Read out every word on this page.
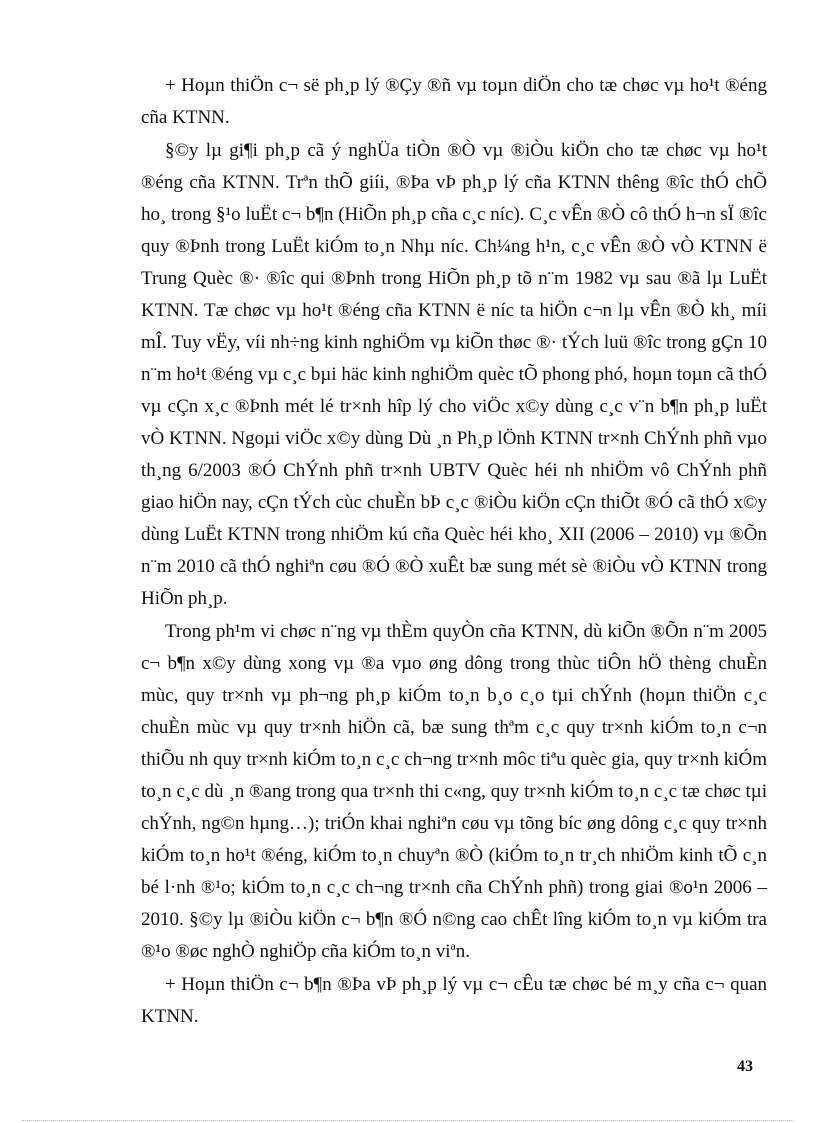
+ Hoµn thiÖn c¬ së ph¸p lý ®Çy ®ñ vµ toµn diÖn cho tæ chøc vµ ho¹t ®éng cña KTNN.

§©y lµ gi¶i ph¸p cã ý nghÜa tiÒn ®Ò vµ ®iÒu kiÖn cho tæ chøc vµ ho¹t ®éng cña KTNN. Trªn thÕ giíi, ®Þa vÞ ph¸p lý cña KTNN thêng ®îc thÓ chÕ ho¸ trong §¹o luËt c¬ b¶n (HiÕn ph¸p cña c¸c níc). C¸c vÊn ®Ò cô thÓ h¬n sÏ ®îc quy ®Þnh trong LuËt kiÓm to¸n Nhµ níc. Ch¼ng h¹n, c¸c vÊn ®Ò vÒ KTNN ë Trung Quèc ®· ®îc qui ®Þnh trong HiÕn ph¸p tõ n¨m 1982 vµ sau ®ã lµ LuËt KTNN. Tæ chøc vµ ho¹t ®éng cña KTNN ë níc ta hiÖn c¬n lµ vÊn ®Ò kh¸ míi mÎ. Tuy vËy, víi nh÷ng kinh nghiÖm vµ kiÕn thøc ®· tÝch luü ®îc trong gÇn 10 n¨m ho¹t ®éng vµ c¸c bµi häc kinh nghiÖm quèc tÕ phong phó, hoµn toµn cã thÓ vµ cÇn x¸c ®Þnh mét lé tr×nh hîp lý cho viÖc x©y dùng c¸c v¨n b¶n ph¸p luËt vÒ KTNN. Ngoµi viÖc x©y dùng Dù ¸n Ph¸p lÖnh KTNN tr×nh ChÝnh phñ vµo th¸ng 6/2003 ®Ó ChÝnh phñ tr×nh UBTV Quèc héi nh nhiÖm vô ChÝnh phñ giao hiÖn nay, cÇn tÝch cùc chuÈn bÞ c¸c ®iÒu kiÖn cÇn thiÕt ®Ó cã thÓ x©y dùng LuËt KTNN trong nhiÖm kú cña Quèc héi kho¸ XII (2006 – 2010) vµ ®Õn n¨m 2010 cã thÓ nghiªn cøu ®Ó ®Ò xuÊt bæ sung mét sè ®iÒu vÒ KTNN trong HiÕn ph¸p.

Trong ph¹m vi chøc n¨ng vµ thÈm quyÒn cña KTNN, dù kiÕn ®Õn n¨m 2005 c¬ b¶n x©y dùng xong vµ ®a vµo øng dông trong thùc tiÔn hÖ thèng chuÈn mùc, quy tr×nh vµ ph¬ng ph¸p kiÓm to¸n b¸o c¸o tµi chÝnh (hoµn thiÖn c¸c chuÈn mùc vµ quy tr×nh hiÖn cã, bæ sung thªm c¸c quy tr×nh kiÓm to¸n c¬n thiÕu nh quy tr×nh kiÓm to¸n c¸c ch¬ng tr×nh môc tiªu quèc gia, quy tr×nh kiÓm to¸n c¸c dù ¸n ®ang trong qua tr×nh thi c«ng, quy tr×nh kiÓm to¸n c¸c tæ chøc tµi chÝnh, ng©n hµng…); triÓn khai nghiªn cøu vµ tõng bíc øng dông c¸c quy tr×nh kiÓm to¸n ho¹t ®éng, kiÓm to¸n chuyªn ®Ò (kiÓm to¸n tr¸ch nhiÖm kinh tÕ c¸n bé l·nh ®¹o; kiÓm to¸n c¸c ch¬ng tr×nh cña ChÝnh phñ) trong giai ®o¹n 2006 – 2010. §©y lµ ®iÒu kiÖn c¬ b¶n ®Ó n©ng cao chÊt lîng kiÓm to¸n vµ kiÓm tra ®¹o ®øc nghÒ nghiÖp cña kiÓm to¸n viªn.

+ Hoµn thiÖn c¬ b¶n ®Þa vÞ ph¸p lý vµ c¬ cÊu tæ chøc bé m¸y cña c¬ quan KTNN.

43
